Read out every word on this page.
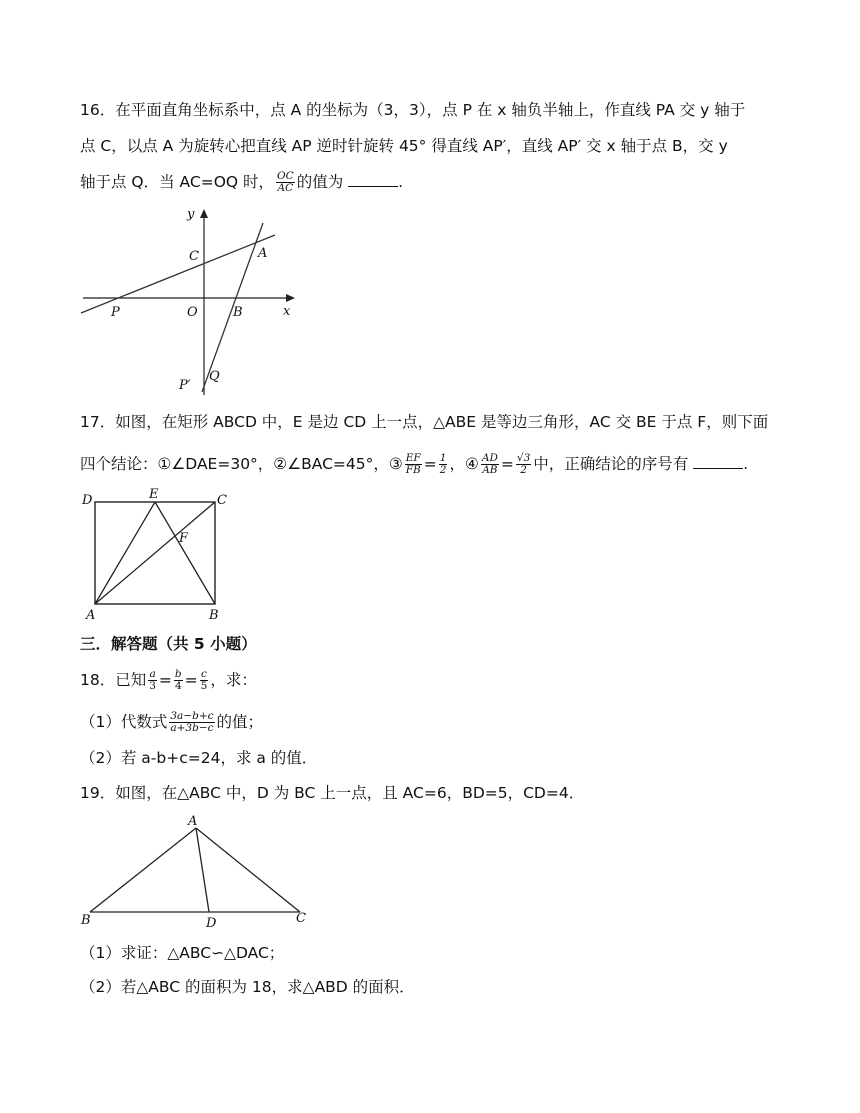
16．在平面直角坐标系中，点 A 的坐标为（3，3），点 P 在 x 轴负半轴上，作直线 PA 交 y 轴于
点 C，以点 A 为旋转心把直线 AP 逆时针旋转 45° 得直线 AP′，直线 AP′ 交 x 轴于点 B，交 y
轴于点 Q．当 AC=OQ 时， $\frac{OC}{AC}$ 的值为	.
y
x
C	A
P	O	B
P′
Q
17．如图，在矩形 ABCD 中，E 是边 CD 上一点，△ABE 是等边三角形，AC 交 BE 于点 F，则下面
四个结论：①∠DAE=30°，②∠BAC=45°，③ $\frac{EF}{FB} = \frac{1}{2}$ ，④ $\frac{AD}{AB} = \frac{√3}{2}$ 中，正确结论的序号有	.
D	E	C
F
A	B
三．解答题（共 5 小题）
18．已知 $\frac{a}{3} = \frac{b}{4} = \frac{c}{5}$ ，求：
（1）代数式 $\frac{3a-b+c}{a+3b-c}$ 的值；
（2）若 a-b+c=24，求 a 的值．
19．如图，在△ABC 中，D 为 BC 上一点，且 AC=6，BD=5，CD=4．
A
B	D	C
（1）求证：△ABC∽△DAC；
（2）若△ABC 的面积为 18，求△ABD 的面积．
